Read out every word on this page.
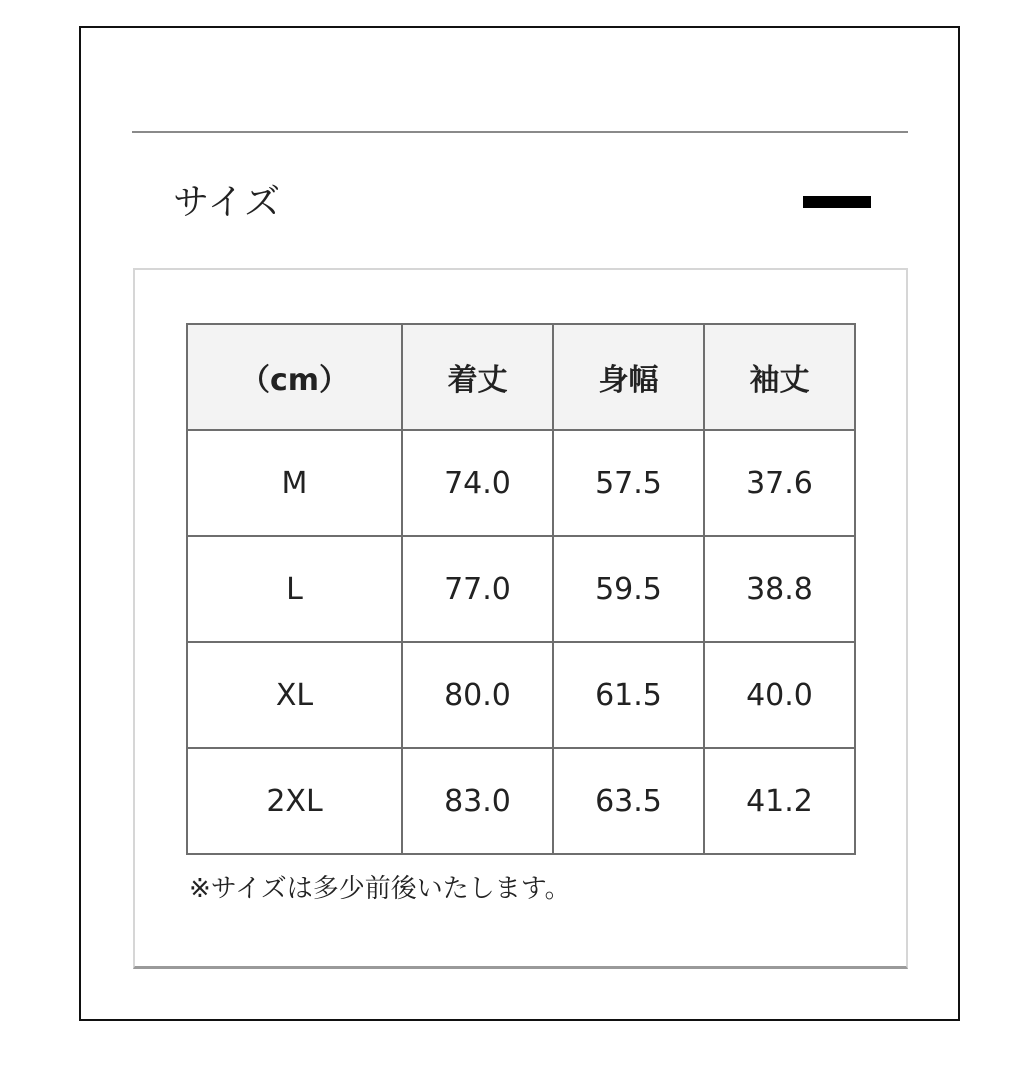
サイズ
（cm）	着丈	身幅	袖丈
M	74.0	57.5	37.6
L	77.0	59.5	38.8
XL	80.0	61.5	40.0
2XL	83.0	63.5	41.2
※サイズは多少前後いたします。
